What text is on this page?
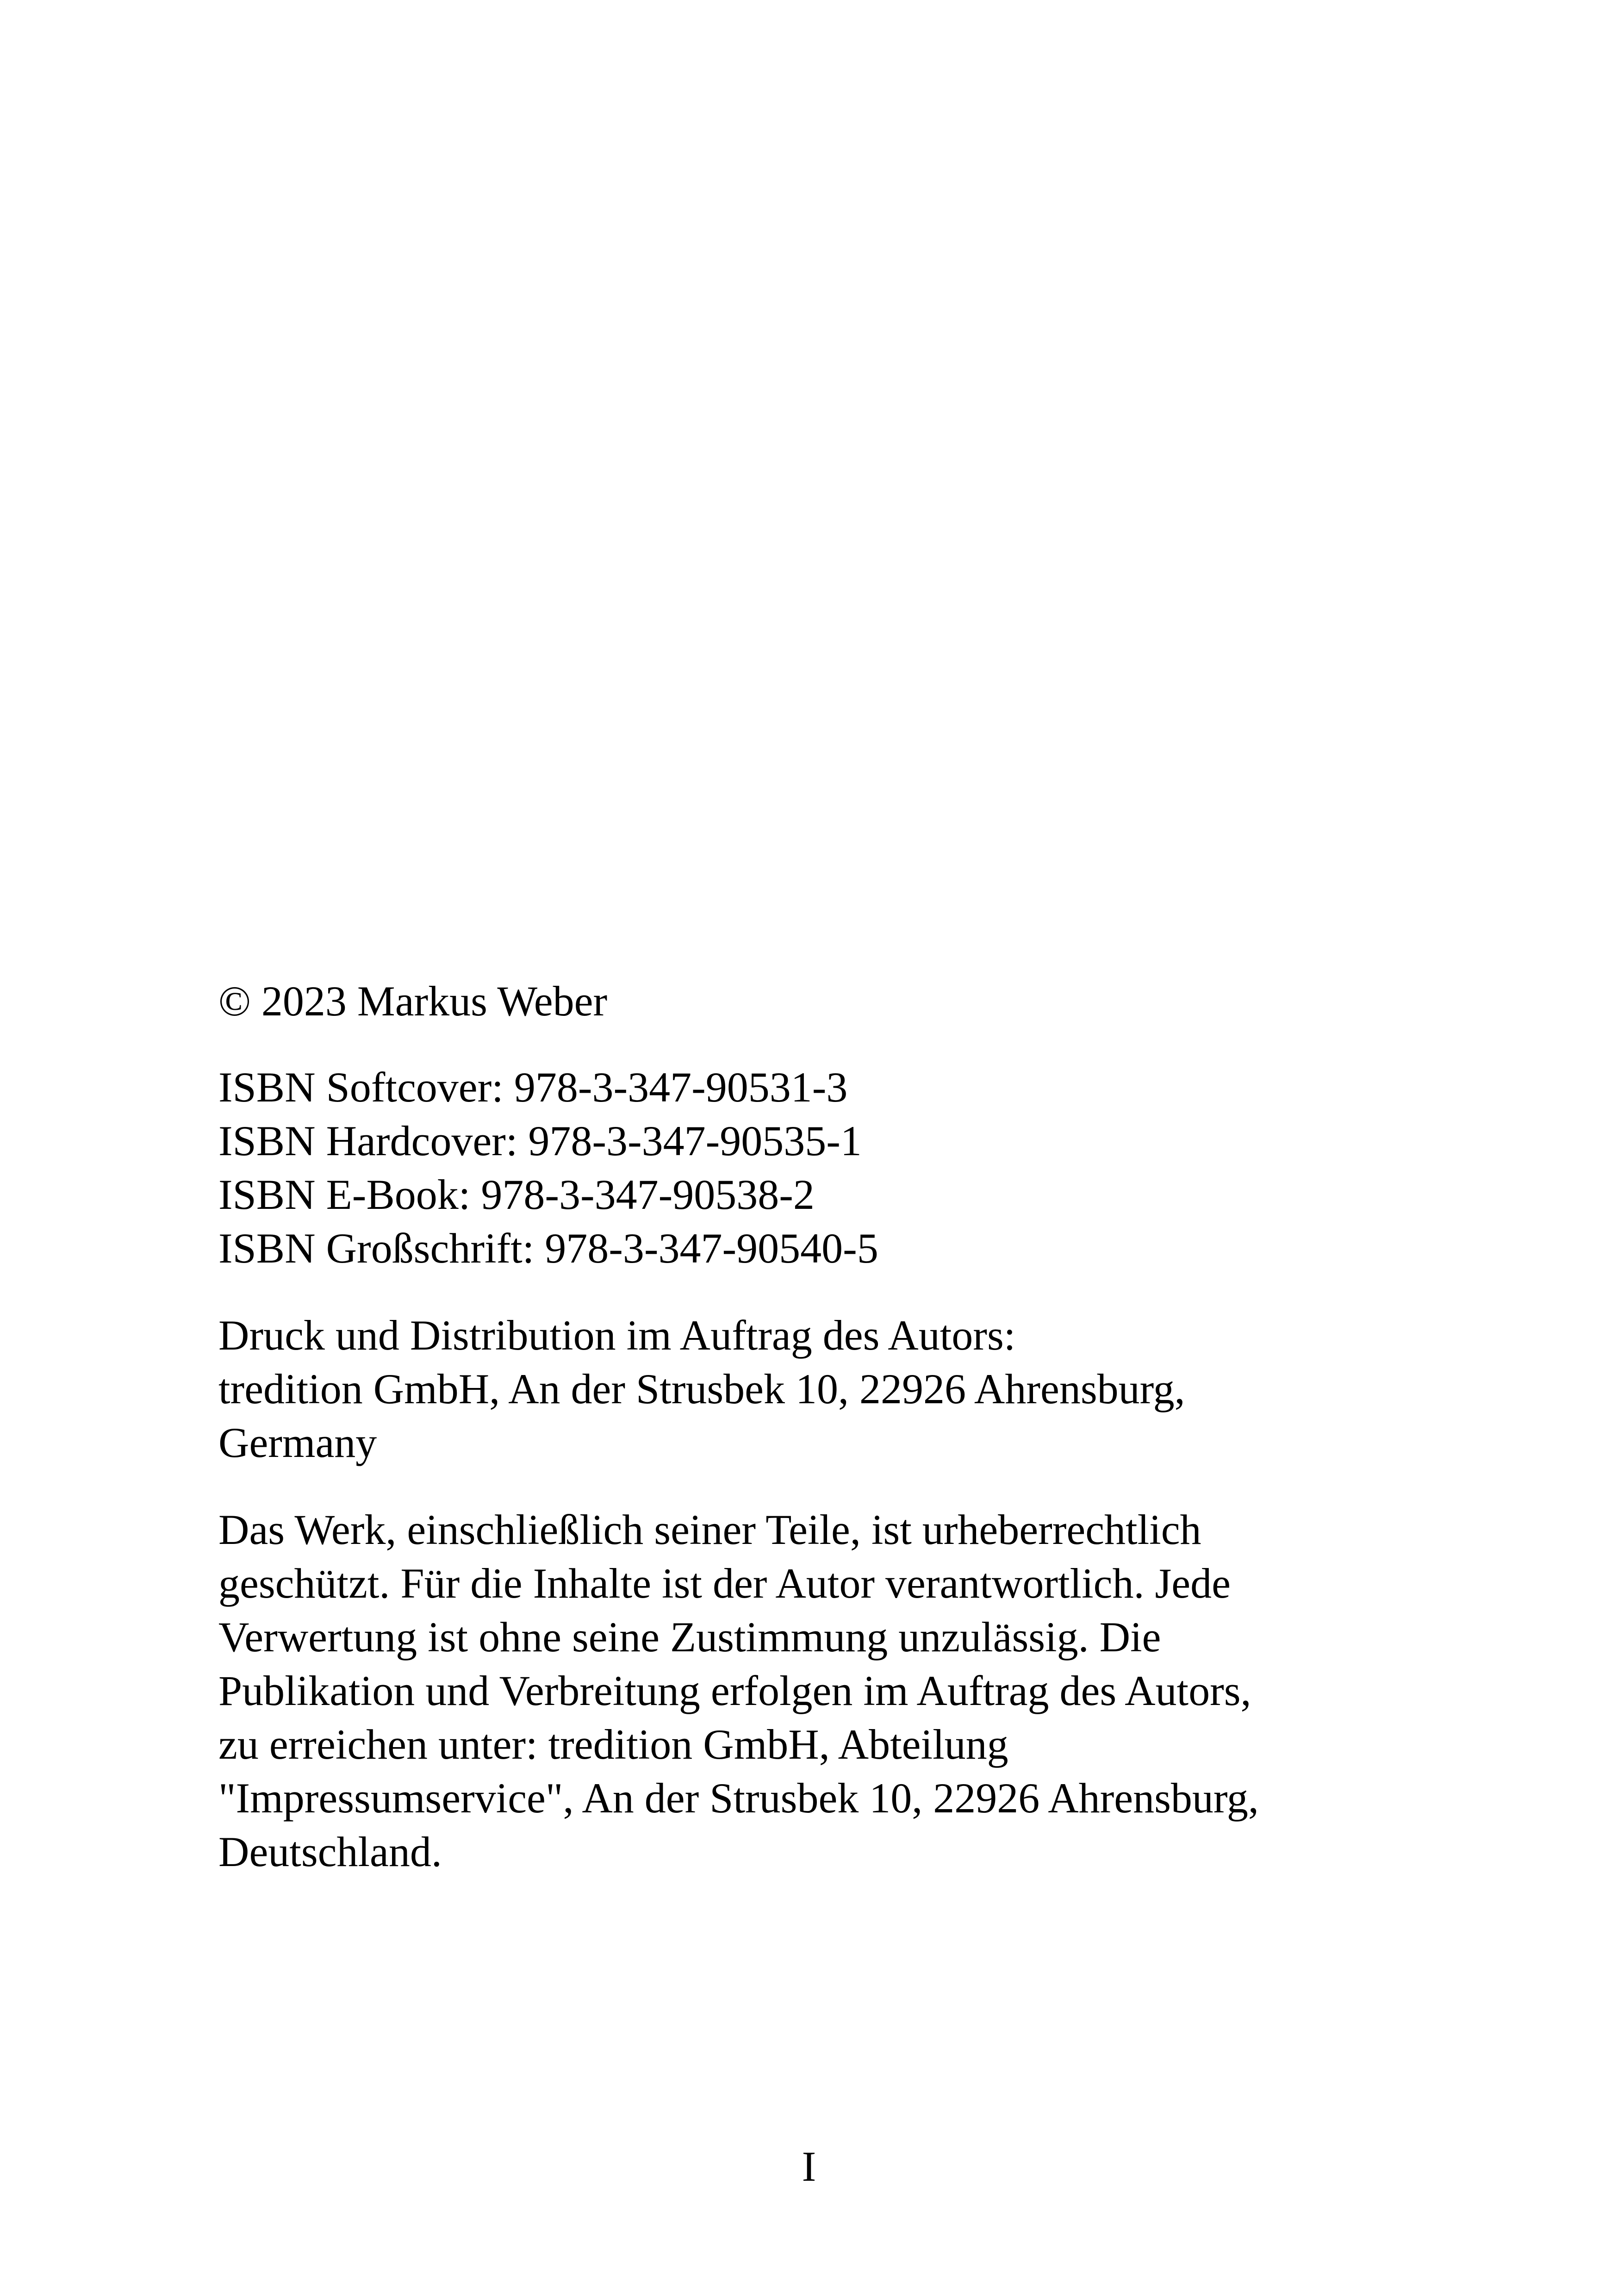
© 2023 Markus Weber

ISBN Softcover: 978-3-347-90531-3
ISBN Hardcover: 978-3-347-90535-1
ISBN E-Book: 978-3-347-90538-2
ISBN Großschrift: 978-3-347-90540-5

Druck und Distribution im Auftrag des Autors:
tredition GmbH, An der Strusbek 10, 22926 Ahrensburg,
Germany

Das Werk, einschließlich seiner Teile, ist urheberrechtlich
geschützt. Für die Inhalte ist der Autor verantwortlich. Jede
Verwertung ist ohne seine Zustimmung unzulässig. Die
Publikation und Verbreitung erfolgen im Auftrag des Autors,
zu erreichen unter: tredition GmbH, Abteilung
"Impressumservice", An der Strusbek 10, 22926 Ahrensburg,
Deutschland.

I
